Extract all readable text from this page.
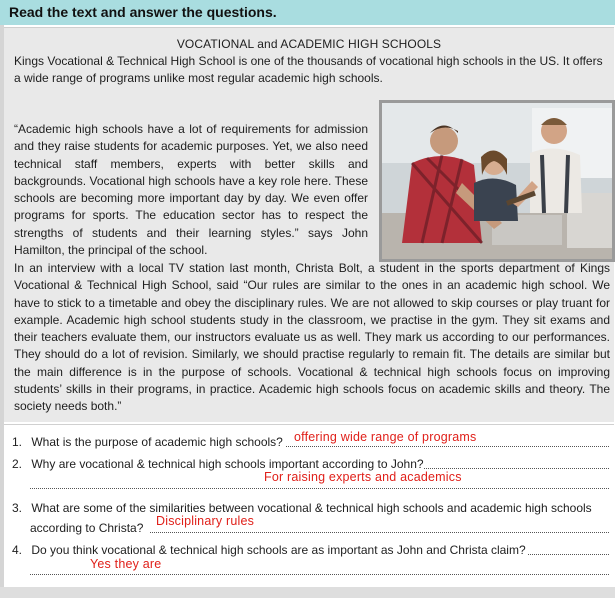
Read the text and answer the questions.
VOCATIONAL and ACADEMIC HIGH SCHOOLS
Kings Vocational & Technical High School is one of the thousands of vocational high schools in the US. It offers a wide range of programs unlike most regular academic high schools.
“Academic high schools have a lot of requirements for admission and they raise students for academic purposes. Yet, we also need technical staff members, experts with better skills and backgrounds. Vocational high schools have a key role here. These schools are becoming more important day by day. We even offer programs for sports. The education sector has to respect the strengths of students and their learning styles.” says John Hamilton, the principal of the school.
In an interview with a local TV station last month, Christa Bolt, a student in the sports department of Kings Vocational & Technical High School, said “Our rules are similar to the ones in an academic high school. We have to stick to a timetable and obey the disciplinary rules. We are not allowed to skip courses or play truant for example. Academic high school students study in the classroom, we practise in the gym. They sit exams and their teachers evaluate them, our instructors evaluate us as well. They mark us according to our performances. They should do a lot of revision. Similarly, we should practise regularly to remain fit. The details are similar but the main difference is in the purpose of schools. Vocational & technical high schools focus on improving students’ skills in their programs, in practice. Academic high schools focus on academic skills and theory. The society needs both.”
1. What is the purpose of academic high schools? offering wide range of programs
2. Why are vocational & technical high schools important according to John?
For raising experts and academics
3. What are some of the similarities between vocational & technical high schools and academic high schools
according to Christa? Disciplinary rules
4. Do you think vocational & technical high schools are as important as John and Christa claim?
Yes they are
